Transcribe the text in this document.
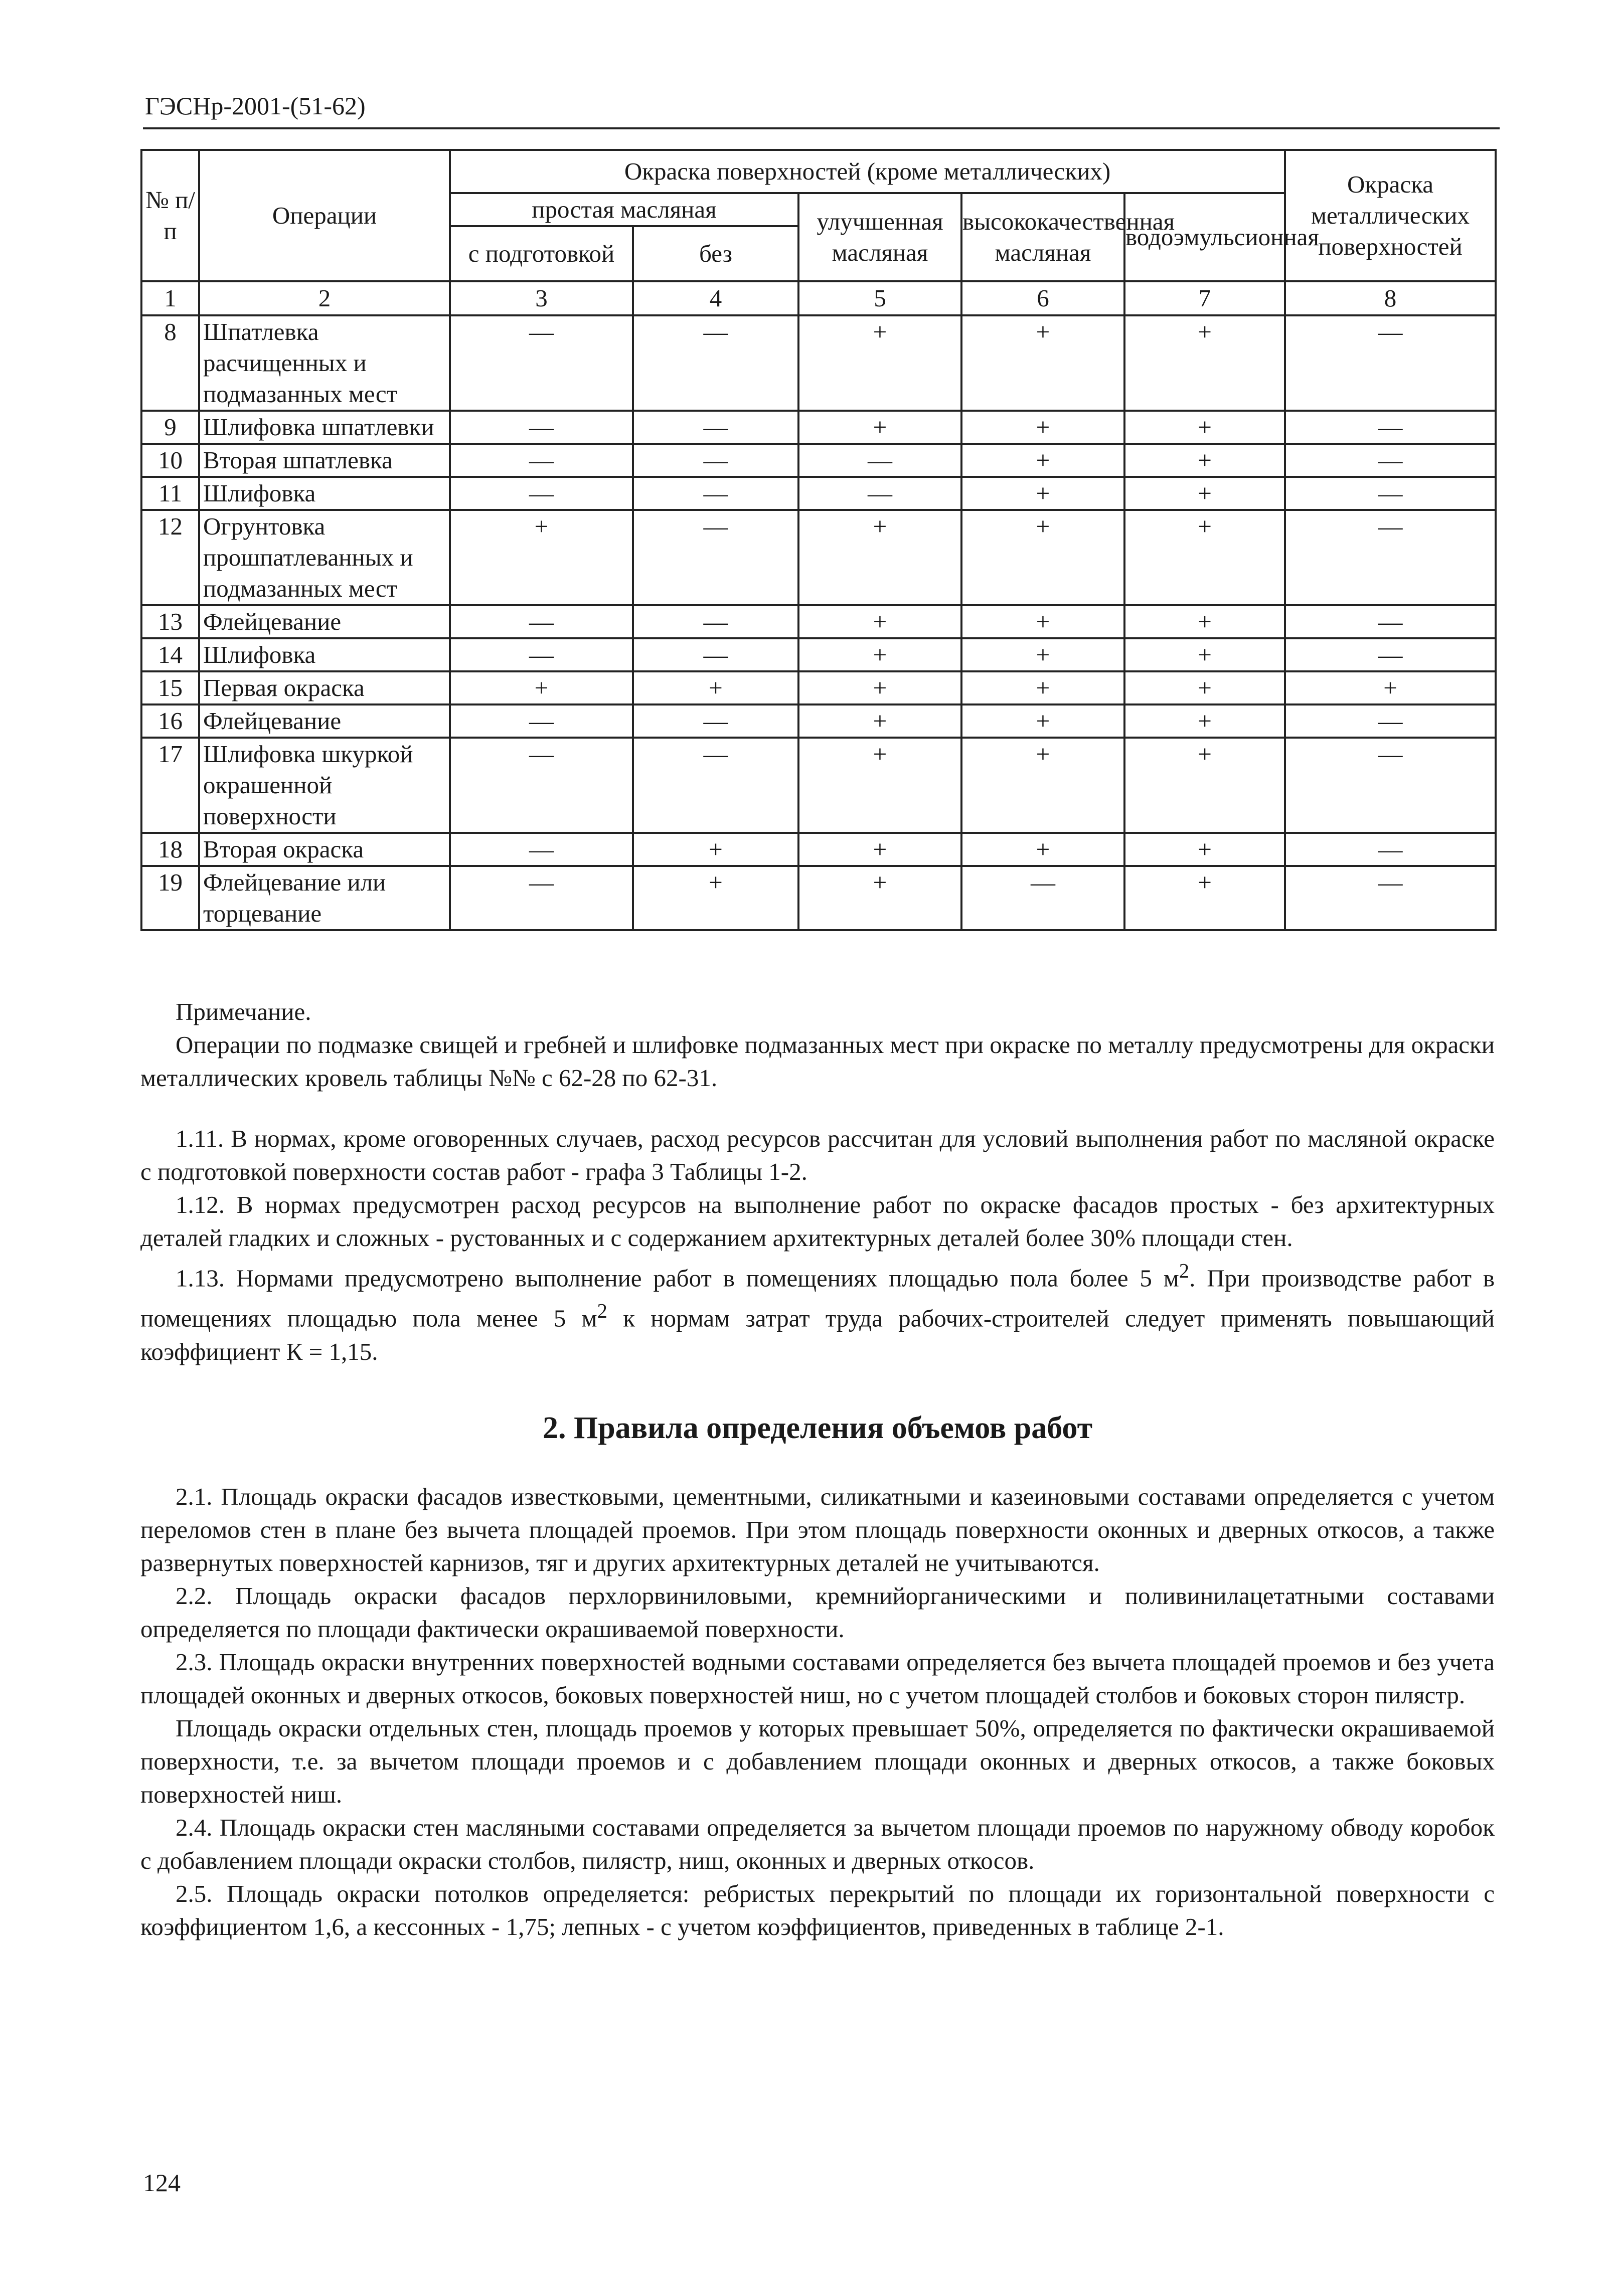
ГЭСНр-2001-(51-62)
№ п/п	Операции	Окраска поверхностей (кроме металлических)					Окраска металлических поверхностей
		простая масляная		улучшенная масляная	высококачественная масляная	водоэмульсионная	
		с подготовкой	без				
1	2	3	4	5	6	7	8
8	Шпатлевка расчищенных и подмазанных мест	—	—	+	+	+	—
9	Шлифовка шпатлевки	—	—	+	+	+	—
10	Вторая шпатлевка	—	—	—	+	+	—
11	Шлифовка	—	—	—	+	+	—
12	Огрунтовка прошпатлеванных и подмазанных мест	+	—	+	+	+	—
13	Флейцевание	—	—	+	+	+	—
14	Шлифовка	—	—	+	+	+	—
15	Первая окраска	+	+	+	+	+	+
16	Флейцевание	—	—	+	+	+	—
17	Шлифовка шкуркой окрашенной поверхности	—	—	+	+	+	—
18	Вторая окраска	—	+	+	+	+	—
19	Флейцевание или торцевание	—	+	+	—	+	—

Примечание.

Операции по подмазке свищей и гребней и шлифовке подмазанных мест при окраске по металлу предусмотрены для окраски металлических кровель таблицы №№ с 62-28 по 62-31.

1.11. В нормах, кроме оговоренных случаев, расход ресурсов рассчитан для условий выполнения работ по масляной окраске с подготовкой поверхности состав работ - графа 3 Таблицы 1-2.

1.12. В нормах предусмотрен расход ресурсов на выполнение работ по окраске фасадов простых - без архитектурных деталей гладких и сложных - рустованных и с содержанием архитектурных деталей более 30% площади стен.

1.13. Нормами предусмотрено выполнение работ в помещениях площадью пола более 5 $м^2$. При производстве работ в помещениях площадью пола менее 5 $м^2$ к нормам затрат труда рабочих-строителей следует применять повышающий коэффициент К = 1,15.

2. Правила определения объемов работ

2.1. Площадь окраски фасадов известковыми, цементными, силикатными и казеиновыми составами определяется с учетом переломов стен в плане без вычета площадей проемов. При этом площадь поверхности оконных и дверных откосов, а также развернутых поверхностей карнизов, тяг и других архитектурных деталей не учитываются.

2.2. Площадь окраски фасадов перхлорвиниловыми, кремнийорганическими и поливинилацетатными составами определяется по площади фактически окрашиваемой поверхности.

2.3. Площадь окраски внутренних поверхностей водными составами определяется без вычета площадей проемов и без учета площадей оконных и дверных откосов, боковых поверхностей ниш, но с учетом площадей столбов и боковых сторон пилястр.

Площадь окраски отдельных стен, площадь проемов у которых превышает 50%, определяется по фактически окрашиваемой поверхности, т.е. за вычетом площади проемов и с добавлением площади оконных и дверных откосов, а также боковых поверхностей ниш.

2.4. Площадь окраски стен масляными составами определяется за вычетом площади проемов по наружному обводу коробок с добавлением площади окраски столбов, пилястр, ниш, оконных и дверных откосов.

2.5. Площадь окраски потолков определяется: ребристых перекрытий по площади их горизонтальной поверхности с коэффициентом 1,6, а кессонных - 1,75; лепных - с учетом коэффициентов, приведенных в таблице 2-1.

124
